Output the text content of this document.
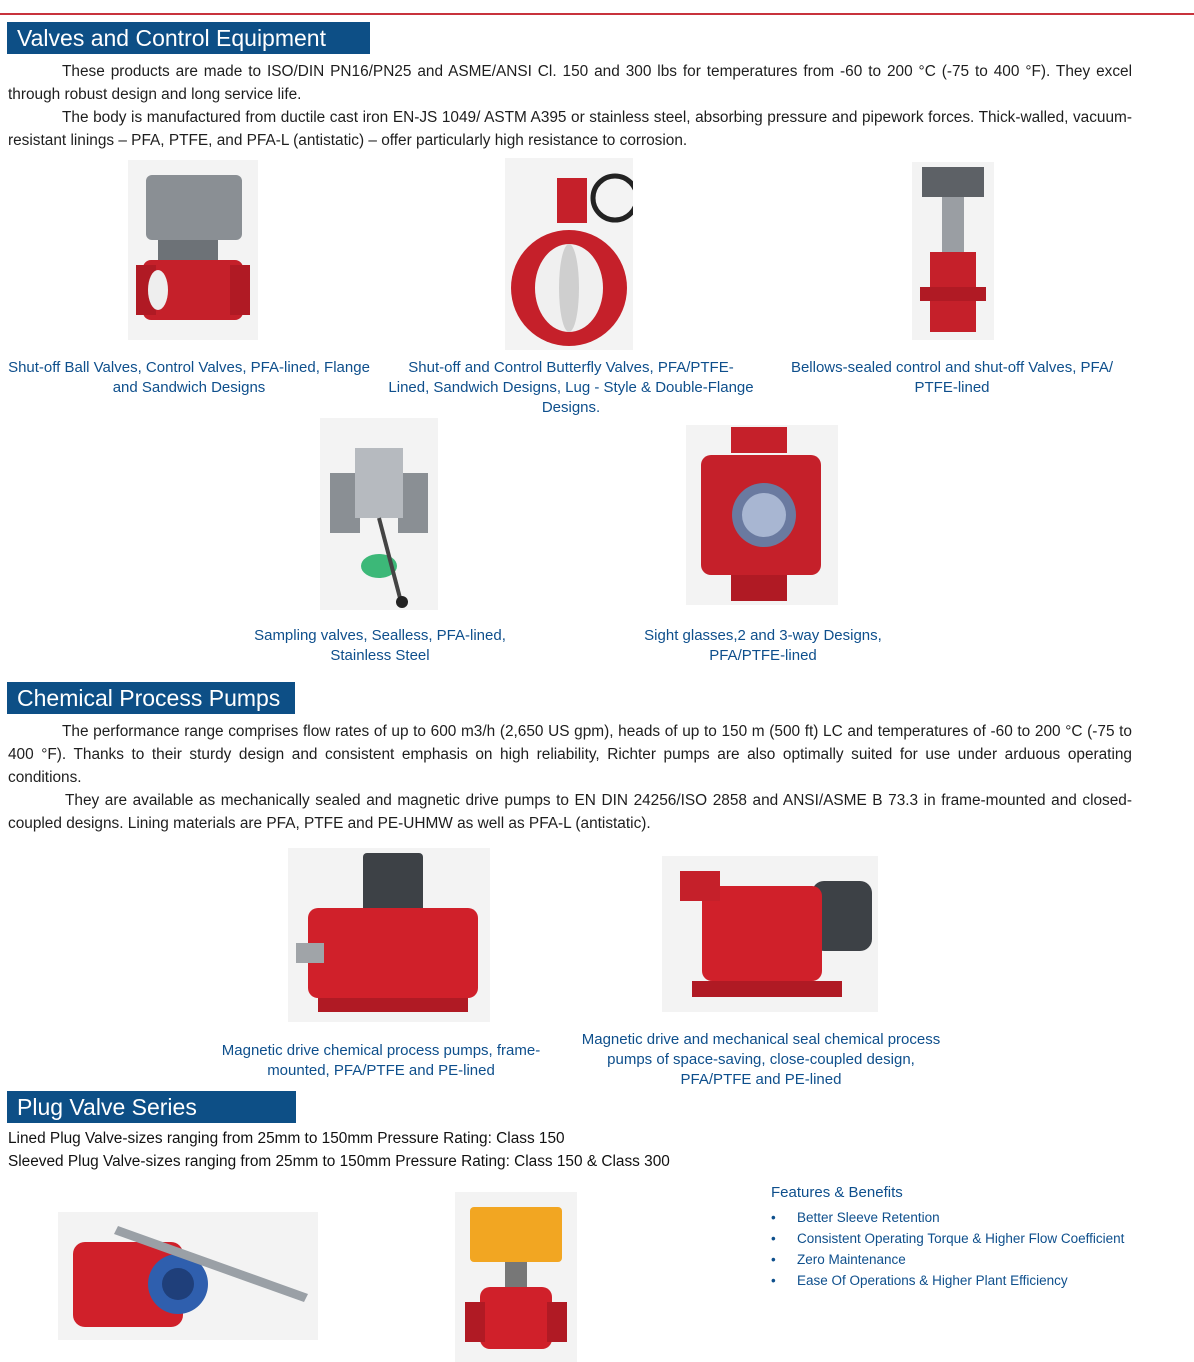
Valves and Control Equipment

These products are made to ISO/DIN PN16/PN25 and ASME/ANSI Cl. 150 and 300 lbs for temperatures from -60 to 200 °C (-75 to 400 °F). They excel through robust design and long service life.

The body is manufactured from ductile cast iron EN-JS 1049/ ASTM A395 or stainless steel, absorbing pressure and pipework forces. Thick-walled, vacuum-resistant linings – PFA, PTFE, and PFA-L (antistatic) – offer particularly high resistance to corrosion.

Shut-off Ball Valves, Control Valves, PFA-lined, Flange and Sandwich Designs
Shut-off and Control Butterfly Valves, PFA/PTFE-Lined, Sandwich Designs, Lug - Style & Double-Flange Designs.
Bellows-sealed control and shut-off Valves, PFA/ PTFE-lined
Sampling valves, Sealless, PFA-lined, Stainless Steel
Sight glasses,2 and 3-way Designs, PFA/PTFE-lined
Chemical Process Pumps

The performance range comprises flow rates of up to 600 m3/h (2,650 US gpm), heads of up to 150 m (500 ft) LC and temperatures of -60 to 200 °C (-75 to 400 °F). Thanks to their sturdy design and consistent emphasis on high reliability, Richter pumps are also optimally suited for use under arduous operating conditions.

They are available as mechanically sealed and magnetic drive pumps to EN DIN 24256/ISO 2858 and ANSI/ASME B 73.3 in frame-mounted and closed-coupled designs. Lining materials are PFA, PTFE and PE-UHMW as well as PFA-L (antistatic).

Magnetic drive chemical process pumps, frame-mounted, PFA/PTFE and PE-lined
Magnetic drive and mechanical seal chemical process pumps of space-saving, close-coupled design, PFA/PTFE and PE-lined
Plug Valve Series
Lined Plug Valve-sizes ranging from 25mm to 150mm Pressure Rating: Class 150
Sleeved Plug Valve-sizes ranging from 25mm to 150mm Pressure Rating: Class 150 & Class 300
Features & Benefits
• Better Sleeve Retention
• Consistent Operating Torque & Higher Flow Coefficient
• Zero Maintenance
• Ease Of Operations & Higher Plant Efficiency
